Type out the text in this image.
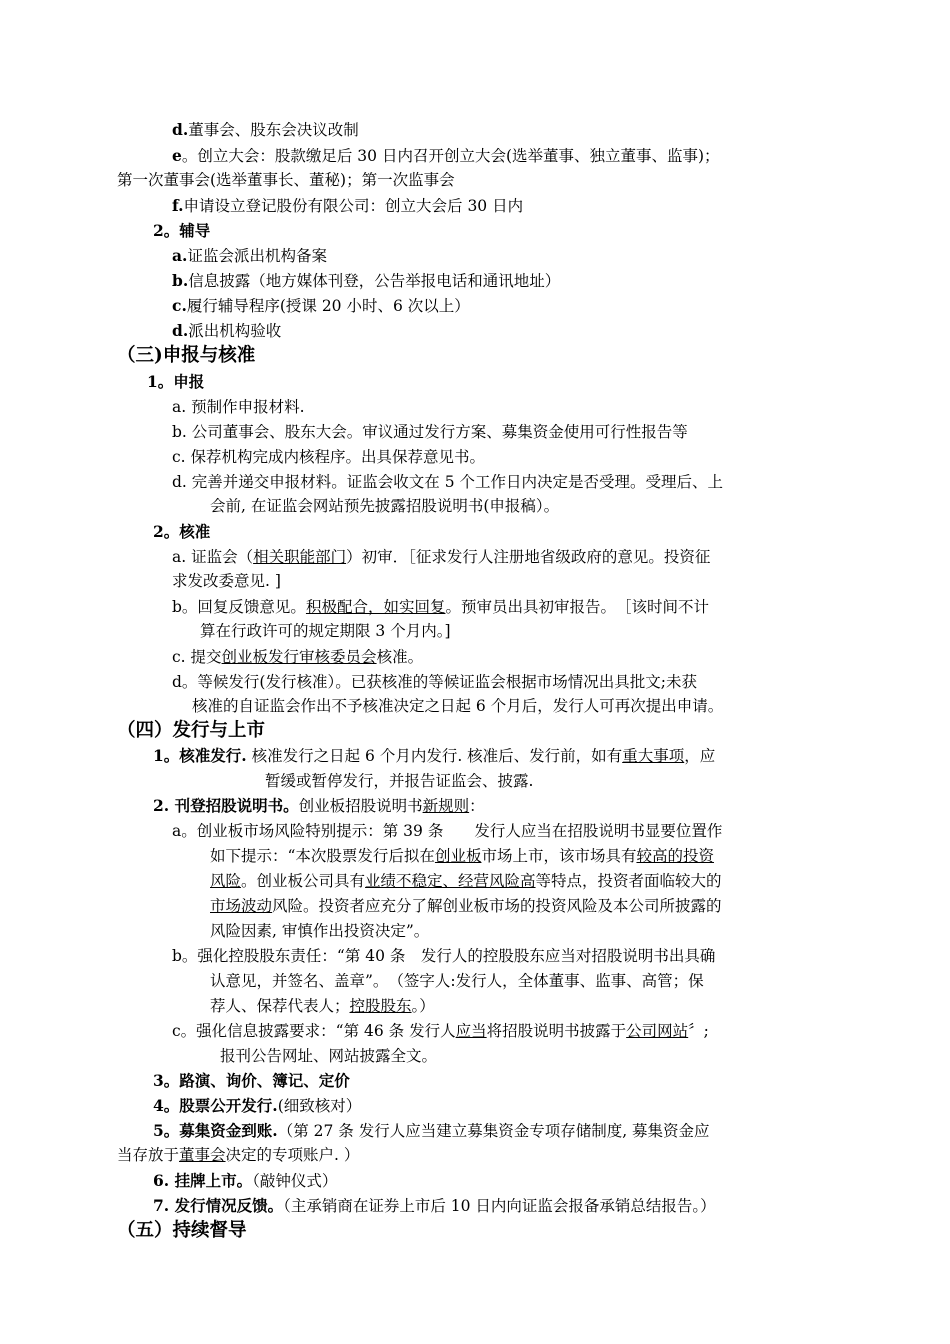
d.董事会、股东会决议改制
e。创立大会：股款缴足后 30 日内召开创立大会(选举董事、独立董事、监事)；
第一次董事会(选举董事长、董秘)；第一次监事会
f.申请设立登记股份有限公司：创立大会后 30 日内
2。辅导
a.证监会派出机构备案
b.信息披露（地方媒体刊登，公告举报电话和通讯地址）
c.履行辅导程序(授课 20 小时、6 次以上）
d.派出机构验收
（三)申报与核准
1。申报
a. 预制作申报材料.
b. 公司董事会、股东大会。审议通过发行方案、募集资金使用可行性报告等
c. 保荐机构完成内核程序。出具保荐意见书。
d. 完善并递交申报材料。证监会收文在 5 个工作日内决定是否受理。受理后、上
会前, 在证监会网站预先披露招股说明书(申报稿）。
2。核准
a. 证监会（相关职能部门）初审．［征求发行人注册地省级政府的意见。投资征
求发改委意见. ]
b。回复反馈意见。积极配合，如实回复。预审员出具初审报告。　［该时间不计
算在行政许可的规定期限 3 个月内。]
c. 提交创业板发行审核委员会核准。
d。等候发行(发行核准）。已获核准的等候证监会根据市场情况出具批文;未获
核准的自证监会作出不予核准决定之日起 6 个月后，发行人可再次提出申请。
（四）发行与上市
1。核准发行. 核准发行之日起 6 个月内发行. 核准后、发行前，如有重大事项，应
暂缓或暂停发行，并报告证监会、披露.
2. 刊登招股说明书。创业板招股说明书新规则：
a。创业板市场风险特别提示：第 39 条　　发行人应当在招股说明书显要位置作
如下提示：“本次股票发行后拟在创业板市场上市，该市场具有较高的投资
风险。创业板公司具有业绩不稳定、经营风险高等特点，投资者面临较大的
市场波动风险。投资者应充分了解创业板市场的投资风险及本公司所披露的
风险因素, 审慎作出投资决定”。
b。强化控股股东责任：“第 40 条　发行人的控股股东应当对招股说明书出具确
认意见，并签名、盖章”。　（签字人:发行人，全体董事、监事、高管；保
荐人、保荐代表人；控股股东。）
c。强化信息披露要求：“第 46 条 发行人应当将招股说明书披露于公司网站〞;
报刊公告网址、网站披露全文。
3。路演、询价、簿记、定价
4。股票公开发行.(细致核对）
5。募集资金到账.（第 27 条 发行人应当建立募集资金专项存储制度, 募集资金应
当存放于董事会决定的专项账户. ）
6. 挂牌上市。（敲钟仪式）
7. 发行情况反馈。（主承销商在证券上市后 10 日内向证监会报备承销总结报告。）
（五）持续督导
